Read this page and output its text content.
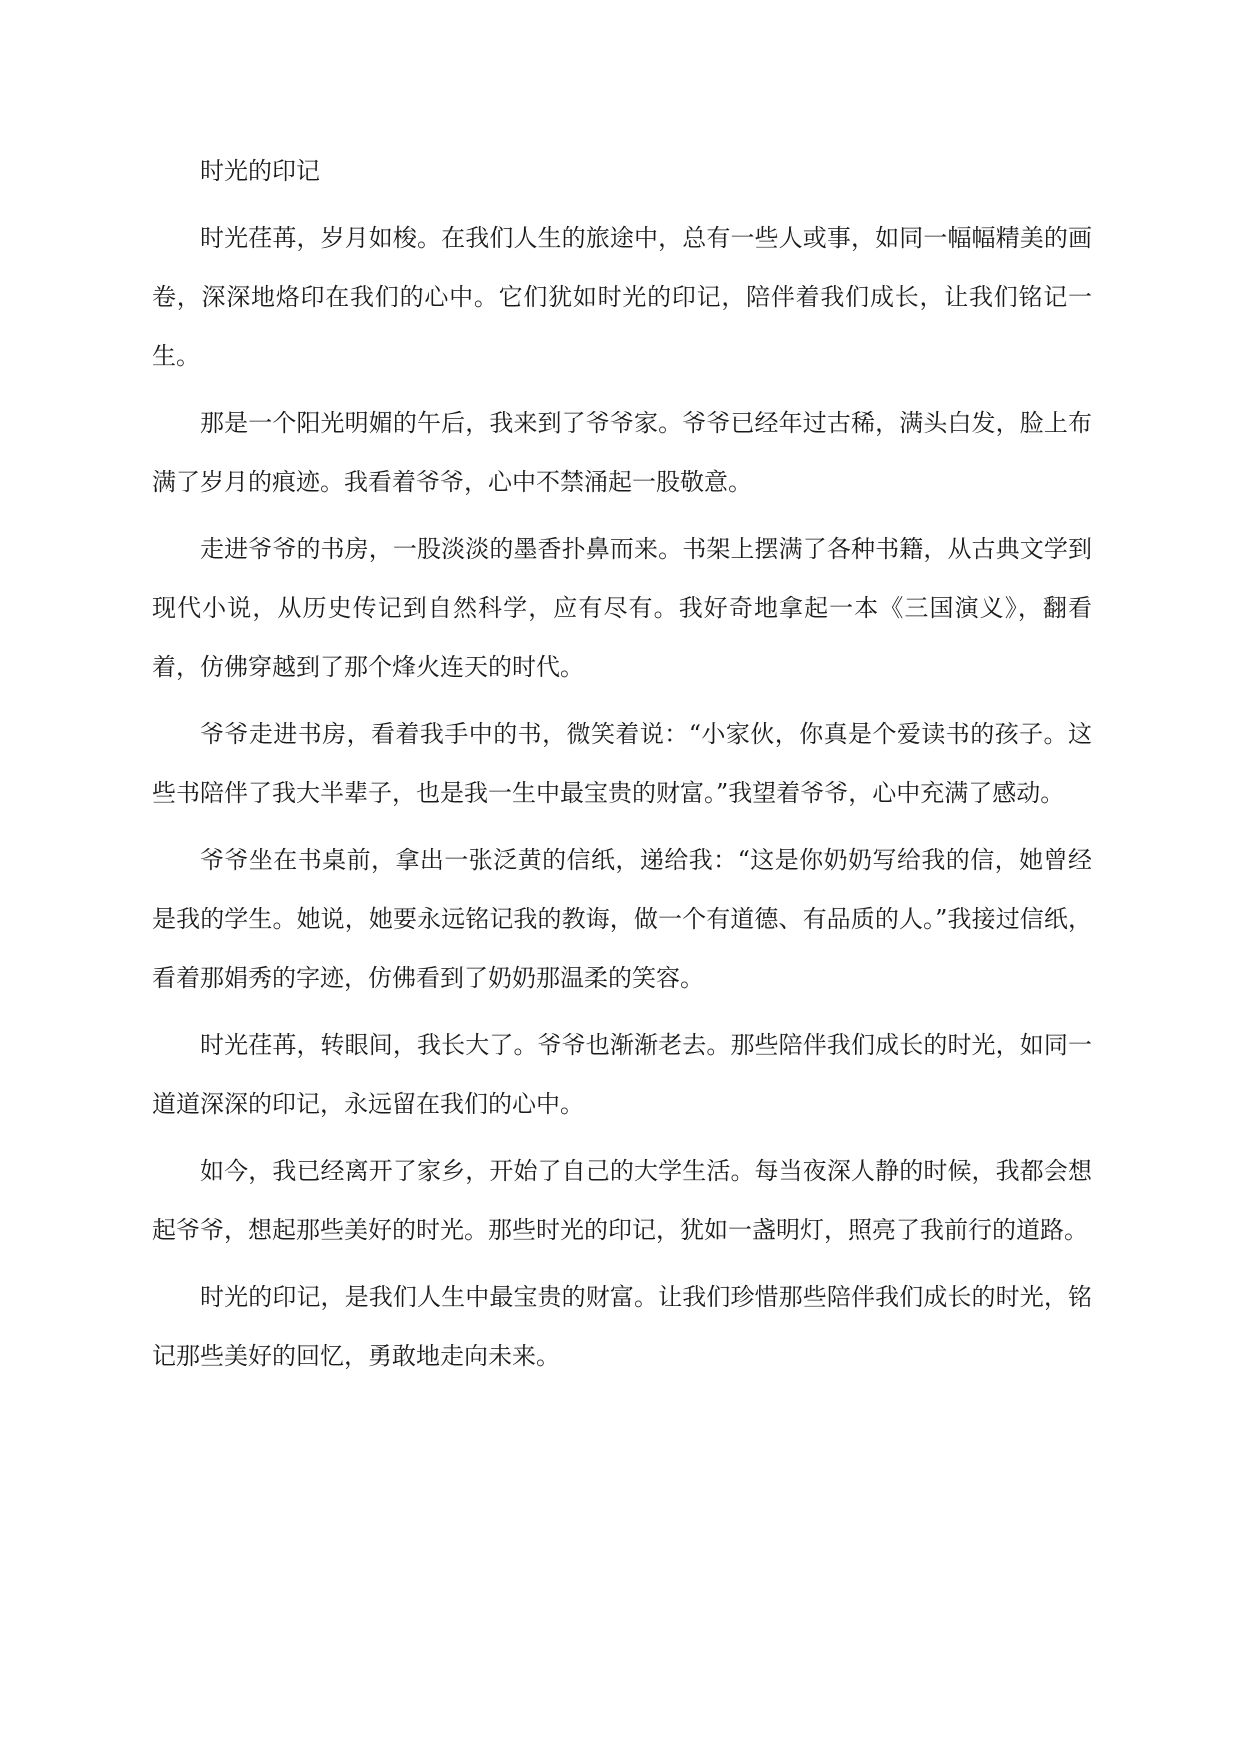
时光的印记

时光荏苒，岁月如梭。在我们人生的旅途中，总有一些人或事，如同一幅幅精美的画卷，深深地烙印在我们的心中。它们犹如时光的印记，陪伴着我们成长，让我们铭记一生。

那是一个阳光明媚的午后，我来到了爷爷家。爷爷已经年过古稀，满头白发，脸上布满了岁月的痕迹。我看着爷爷，心中不禁涌起一股敬意。

走进爷爷的书房，一股淡淡的墨香扑鼻而来。书架上摆满了各种书籍，从古典文学到现代小说，从历史传记到自然科学，应有尽有。我好奇地拿起一本《三国演义》，翻看着，仿佛穿越到了那个烽火连天的时代。

爷爷走进书房，看着我手中的书，微笑着说：“小家伙，你真是个爱读书的孩子。这些书陪伴了我大半辈子，也是我一生中最宝贵的财富。”我望着爷爷，心中充满了感动。

爷爷坐在书桌前，拿出一张泛黄的信纸，递给我：“这是你奶奶写给我的信，她曾经是我的学生。她说，她要永远铭记我的教诲，做一个有道德、有品质的人。”我接过信纸，看着那娟秀的字迹，仿佛看到了奶奶那温柔的笑容。

时光荏苒，转眼间，我长大了。爷爷也渐渐老去。那些陪伴我们成长的时光，如同一道道深深的印记，永远留在我们的心中。

如今，我已经离开了家乡，开始了自己的大学生活。每当夜深人静的时候，我都会想起爷爷，想起那些美好的时光。那些时光的印记，犹如一盏明灯，照亮了我前行的道路。

时光的印记，是我们人生中最宝贵的财富。让我们珍惜那些陪伴我们成长的时光，铭记那些美好的回忆，勇敢地走向未来。
